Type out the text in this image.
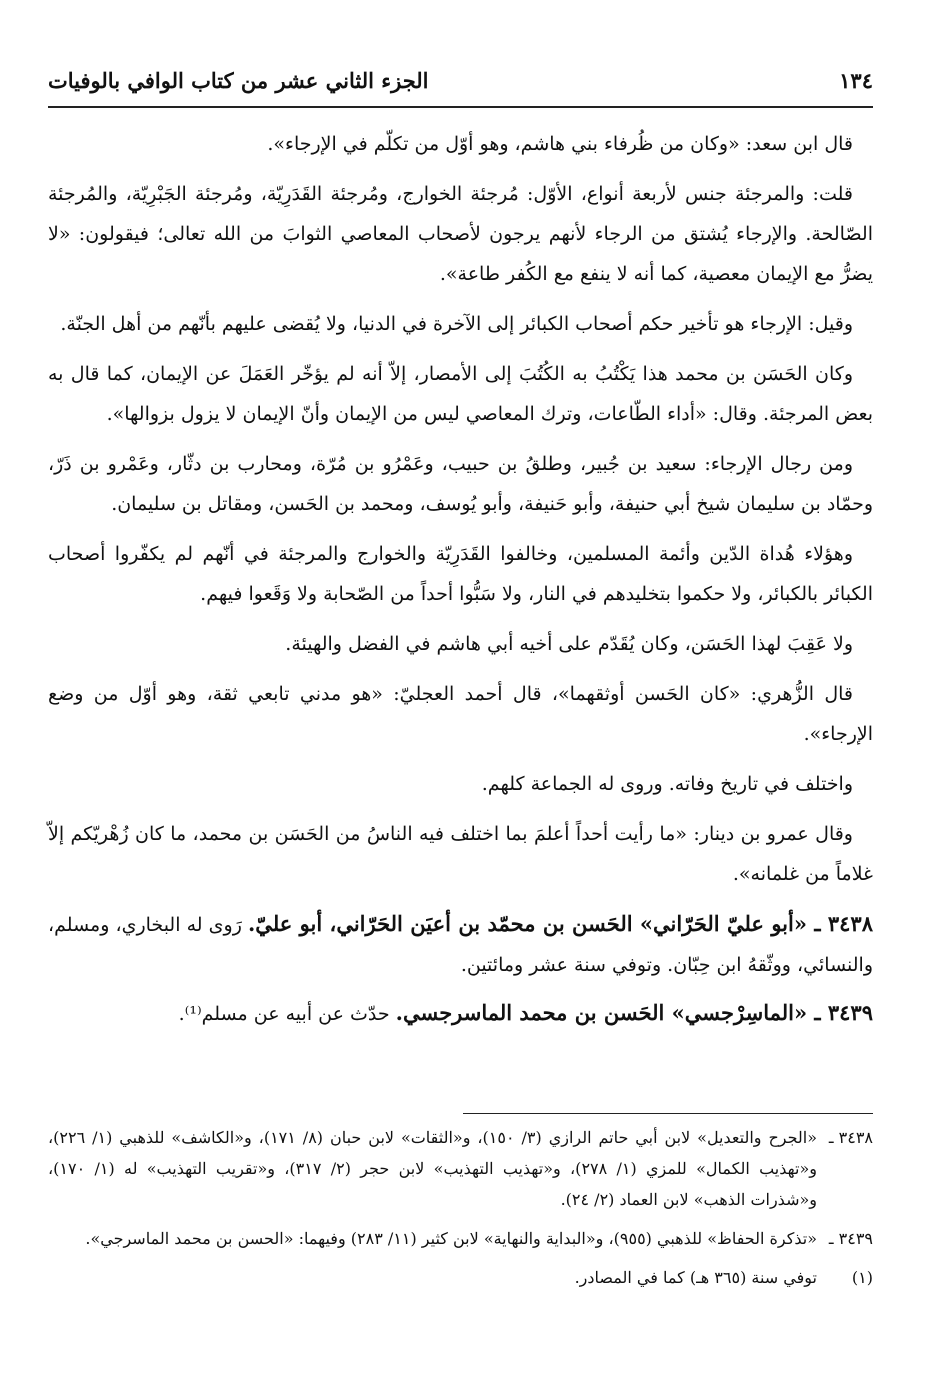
١٣٤
الجزء الثاني عشر من كتاب الوافي بالوفيات

قال ابن سعد: «وكان من ظُرفاء بني هاشم، وهو أوّل من تكلّم في الإرجاء».

قلت: والمرجئة جنس لأربعة أنواع، الأوّل: مُرجئة الخوارج، ومُرجئة القَدَرِيّة، ومُرجئة الجَبْرِيّة، والمُرجئة الصّالحة. والإرجاء يُشتق من الرجاء لأنهم يرجون لأصحاب المعاصي الثوابَ من الله تعالى؛ فيقولون: «لا يضرُّ مع الإيمان معصية، كما أنه لا ينفع مع الكُفر طاعة».

وقيل: الإرجاء هو تأخير حكم أصحاب الكبائر إلى الآخرة في الدنيا، ولا يُقضى عليهم بأنّهم من أهل الجنّة.

وكان الحَسَن بن محمد هذا يَكْتُبُ به الكُتُبَ إلى الأمصار، إلاّ أنه لم يؤخّر العَمَلَ عن الإيمان، كما قال به بعض المرجئة. وقال: «أداء الطّاعات، وترك المعاصي ليس من الإيمان وأنّ الإيمان لا يزول بزوالها».

ومن رجال الإرجاء: سعيد بن جُبير، وطلقُ بن حبيب، وعَمْرُو بن مُرّة، ومحارب بن دثّار، وعَمْرو بن ذَرّ، وحمّاد بن سليمان شيخ أبي حنيفة، وأبو حَنيفة، وأبو يُوسف، ومحمد بن الحَسن، ومقاتل بن سليمان.

وهؤلاء هُداة الدّين وأئمة المسلمين، وخالفوا القَدَرِيّة والخوارج والمرجئة في أنّهم لم يكفّروا أصحاب الكبائر بالكبائر، ولا حكموا بتخليدهم في النار، ولا سَبُّوا أحداً من الصّحابة ولا وَقَعوا فيهم.

ولا عَقِبَ لهذا الحَسَن، وكان يُقَدّم على أخيه أبي هاشم في الفضل والهيئة.

قال الزُّهري: «كان الحَسن أوثقهما»، قال أحمد العجليّ: «هو مدني تابعي ثقة، وهو أوّل من وضع الإرجاء».

واختلف في تاريخ وفاته. وروى له الجماعة كلهم.

وقال عمرو بن دينار: «ما رأيت أحداً أعلمَ بما اختلف فيه الناسُ من الحَسَن بن محمد، ما كان زُهْريّكم إلاّ غلاماً من غلمانه».

٣٤٣٨ ـ «أبو عليّ الحَرّاني» الحَسن بن محمّد بن أعيَن الحَرّاني، أبو عليّ. رَوى له البخاري، ومسلم، والنسائي، ووثّقهُ ابن حِبّان. وتوفي سنة عشر ومائتين.

٣٤٣٩ ـ «الماسِرْجسي» الحَسن بن محمد الماسرجسي. حدّث عن أبيه عن مسلم⁽¹⁾.

٣٤٣٨ ـ
«الجرح والتعديل» لابن أبي حاتم الرازي (٣/ ١٥٠)، و«الثقات» لابن حبان (٨/ ١٧١)، و«الكاشف» للذهبي (١/ ٢٢٦)، و«تهذيب الكمال» للمزي (١/ ٢٧٨)، و«تهذيب التهذيب» لابن حجر (٢/ ٣١٧)، و«تقريب التهذيب» له (١/ ١٧٠)، و«شذرات الذهب» لابن العماد (٢/ ٢٤).
٣٤٣٩ ـ
«تذكرة الحفاظ» للذهبي (٩٥٥)، و«البداية والنهاية» لابن كثير (١١/ ٢٨٣) وفيهما: «الحسن بن محمد الماسرجي».
(١)
توفي سنة (٣٦٥ هـ) كما في المصادر.
